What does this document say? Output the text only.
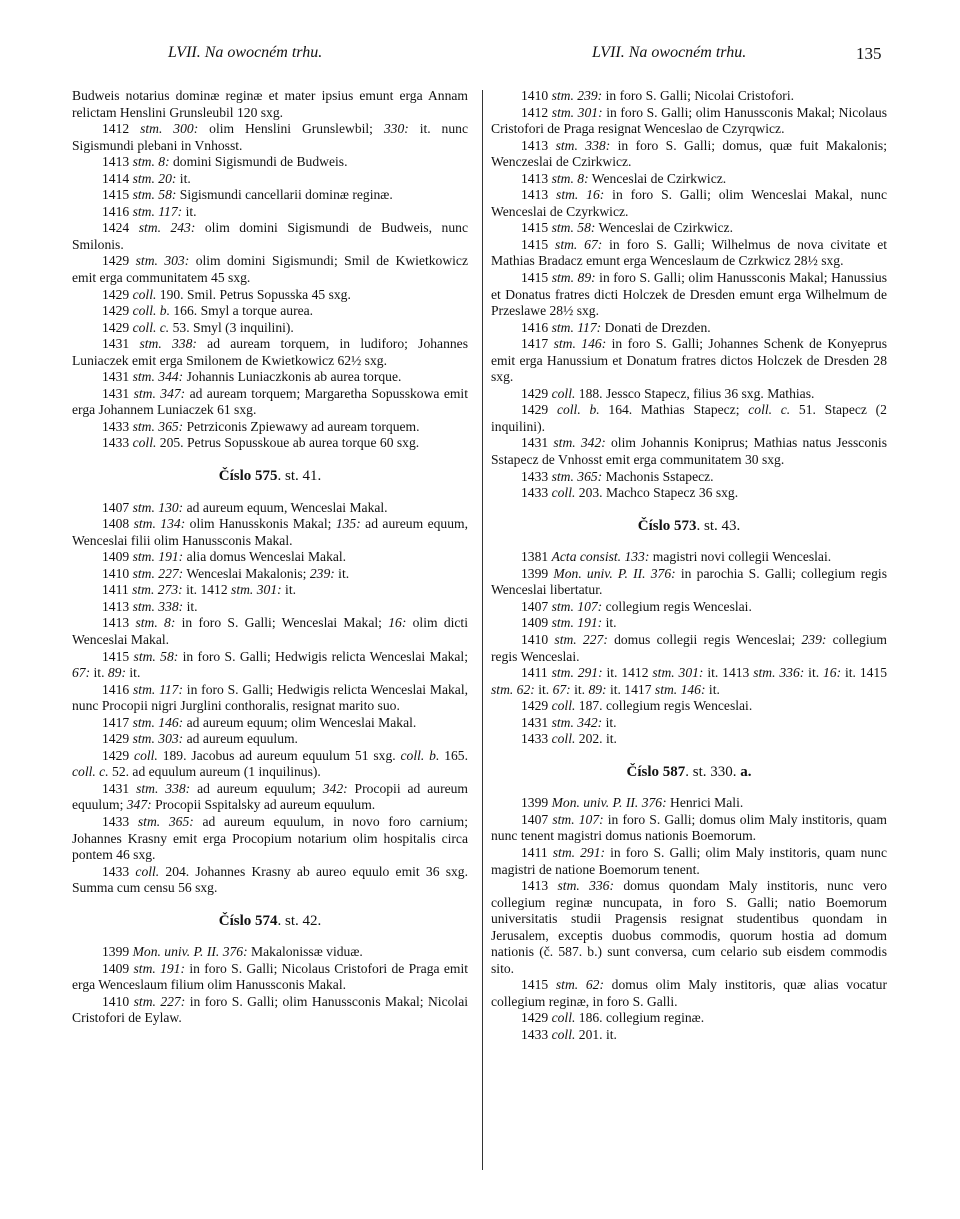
LVII. Na owocném trhu.	LVII. Na owocném trhu.	135

Budweis notarius dominæ reginæ et mater ipsius emunt erga Annam relictam Henslini Grunsleubil 120 sxg.

1412 stm. 300: olim Henslini Grunslewbil; 330: it. nunc Sigismundi plebani in Vnhosst.

1413 stm. 8: domini Sigismundi de Budweis.

1414 stm. 20: it.

1415 stm. 58: Sigismundi cancellarii dominæ reginæ.

1416 stm. 117: it.

1424 stm. 243: olim domini Sigismundi de Budweis, nunc Smilonis.

1429 stm. 303: olim domini Sigismundi; Smil de Kwietkowicz emit erga communitatem 45 sxg.

1429 coll. 190. Smil. Petrus Sopusska 45 sxg.

1429 coll. b. 166. Smyl a torque aurea.

1429 coll. c. 53. Smyl (3 inquilini).

1431 stm. 338: ad auream torquem, in ludiforo; Johannes Luniaczek emit erga Smilonem de Kwietkowicz 62½ sxg.

1431 stm. 344: Johannis Luniaczkonis ab aurea torque.

1431 stm. 347: ad auream torquem; Margaretha Sopusskowa emit erga Johannem Luniaczek 61 sxg.

1433 stm. 365: Petrziconis Zpiewawy ad auream torquem.

1433 coll. 205. Petrus Sopusskoue ab aurea torque 60 sxg.

Číslo 575. st. 41.

1407 stm. 130: ad aureum equum, Wenceslai Makal.

1408 stm. 134: olim Hanusskonis Makal; 135: ad aureum equum, Wenceslai filii olim Hanussconis Makal.

1409 stm. 191: alia domus Wenceslai Makal.

1410 stm. 227: Wenceslai Makalonis; 239: it.

1411 stm. 273: it. 1412 stm. 301: it.

1413 stm. 338: it.

1413 stm. 8: in foro S. Galli; Wenceslai Makal; 16: olim dicti Wenceslai Makal.

1415 stm. 58: in foro S. Galli; Hedwigis relicta Wenceslai Makal; 67: it. 89: it.

1416 stm. 117: in foro S. Galli; Hedwigis relicta Wenceslai Makal, nunc Procopii nigri Jurglini conthoralis, resignat marito suo.

1417 stm. 146: ad aureum equum; olim Wenceslai Makal.

1429 stm. 303: ad aureum equulum.

1429 coll. 189. Jacobus ad aureum equulum 51 sxg. coll. b. 165. coll. c. 52. ad equulum aureum (1 inquilinus).

1431 stm. 338: ad aureum equulum; 342: Procopii ad aureum equulum; 347: Procopii Sspitalsky ad aureum equulum.

1433 stm. 365: ad aureum equulum, in novo foro carnium; Johannes Krasny emit erga Procopium notarium olim hospitalis circa pontem 46 sxg.

1433 coll. 204. Johannes Krasny ab aureo equulo emit 36 sxg. Summa cum censu 56 sxg.

Číslo 574. st. 42.

1399 Mon. univ. P. II. 376: Makalonissæ viduæ.

1409 stm. 191: in foro S. Galli; Nicolaus Cristofori de Praga emit erga Wenceslaum filium olim Hanussconis Makal.

1410 stm. 227: in foro S. Galli; olim Hanussconis Makal; Nicolai Cristofori de Eylaw.

1410 stm. 239: in foro S. Galli; Nicolai Cristofori.

1412 stm. 301: in foro S. Galli; olim Hanussconis Makal; Nicolaus Cristofori de Praga resignat Wenceslao de Czyrqwicz.

1413 stm. 338: in foro S. Galli; domus, quæ fuit Makalonis; Wenczeslai de Czirkwicz.

1413 stm. 8: Wenceslai de Czirkwicz.

1413 stm. 16: in foro S. Galli; olim Wenceslai Makal, nunc Wenceslai de Czyrkwicz.

1415 stm. 58: Wenceslai de Czirkwicz.

1415 stm. 67: in foro S. Galli; Wilhelmus de nova civitate et Mathias Bradacz emunt erga Wenceslaum de Czrkwicz 28½ sxg.

1415 stm. 89: in foro S. Galli; olim Hanussconis Makal; Hanussius et Donatus fratres dicti Holczek de Dresden emunt erga Wilhelmum de Przeslawe 28½ sxg.

1416 stm. 117: Donati de Drezden.

1417 stm. 146: in foro S. Galli; Johannes Schenk de Konyeprus emit erga Hanussium et Donatum fratres dictos Holczek de Dresden 28 sxg.

1429 coll. 188. Jessco Stapecz, filius 36 sxg. Mathias.

1429 coll. b. 164. Mathias Stapecz; coll. c. 51. Stapecz (2 inquilini).

1431 stm. 342: olim Johannis Koniprus; Mathias natus Jessconis Sstapecz de Vnhosst emit erga communitatem 30 sxg.

1433 stm. 365: Machonis Sstapecz.

1433 coll. 203. Machco Stapecz 36 sxg.

Číslo 573. st. 43.

1381 Acta consist. 133: magistri novi collegii Wenceslai.

1399 Mon. univ. P. II. 376: in parochia S. Galli; collegium regis Wenceslai libertatur.

1407 stm. 107: collegium regis Wenceslai.

1409 stm. 191: it.

1410 stm. 227: domus collegii regis Wenceslai; 239: collegium regis Wenceslai.

1411 stm. 291: it. 1412 stm. 301: it. 1413 stm. 336: it. 16: it. 1415 stm. 62: it. 67: it. 89: it. 1417 stm. 146: it.

1429 coll. 187. collegium regis Wenceslai.

1431 stm. 342: it.

1433 coll. 202. it.

Číslo 587. st. 330. a.

1399 Mon. univ. P. II. 376: Henrici Mali.

1407 stm. 107: in foro S. Galli; domus olim Maly institoris, quam nunc tenent magistri domus nationis Boemorum.

1411 stm. 291: in foro S. Galli; olim Maly institoris, quam nunc magistri de natione Boemorum tenent.

1413 stm. 336: domus quondam Maly institoris, nunc vero collegium reginæ nuncupata, in foro S. Galli; natio Boemorum universitatis studii Pragensis resignat studentibus quondam in Jerusalem, exceptis duobus commodis, quorum hostia ad domum nationis (č. 587. b.) sunt conversa, cum celario sub eisdem commodis sito.

1415 stm. 62: domus olim Maly institoris, quæ alias vocatur collegium reginæ, in foro S. Galli.

1429 coll. 186. collegium reginæ.

1433 coll. 201. it.
